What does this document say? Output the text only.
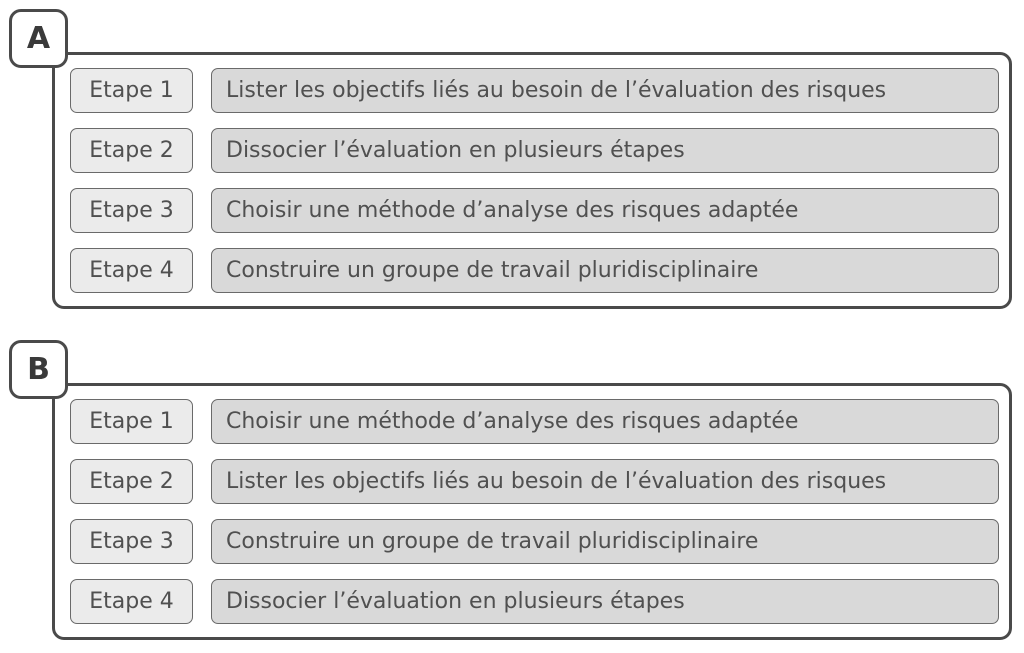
A
Etape 1	Lister les objectifs liés au besoin de l’évaluation des risques
Etape 2	Dissocier l’évaluation en plusieurs étapes
Etape 3	Choisir une méthode d’analyse des risques adaptée
Etape 4	Construire un groupe de travail pluridisciplinaire
B
Etape 1	Choisir une méthode d’analyse des risques adaptée
Etape 2	Lister les objectifs liés au besoin de l’évaluation des risques
Etape 3	Construire un groupe de travail pluridisciplinaire
Etape 4	Dissocier l’évaluation en plusieurs étapes
